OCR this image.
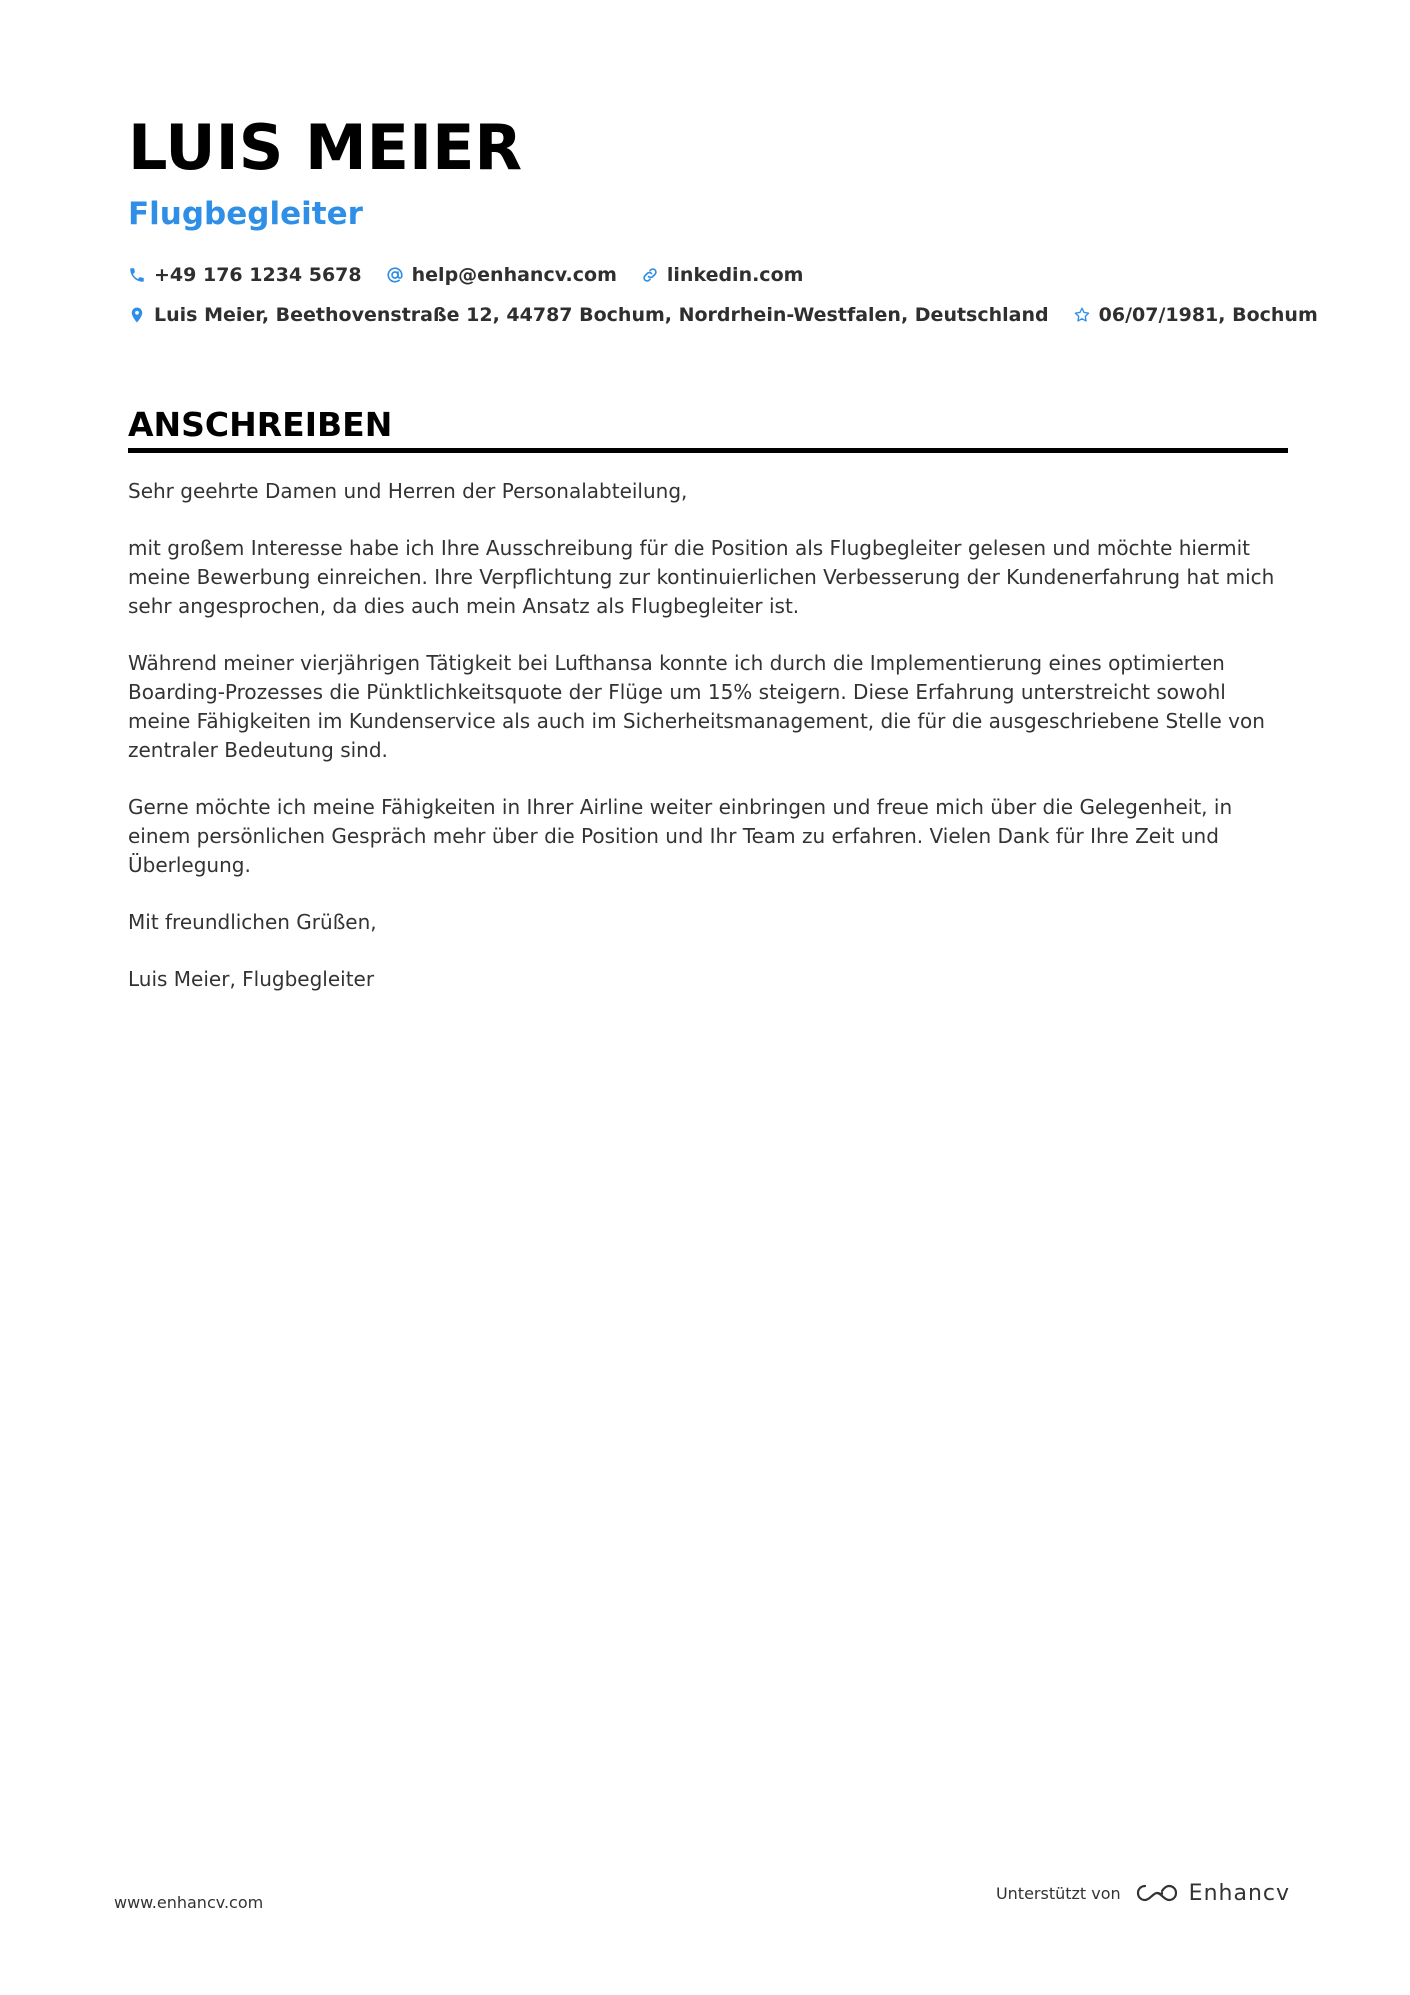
LUIS MEIER
Flugbegleiter
+49 176 1234 5678	help@enhancv.com	linkedin.com
Luis Meier, Beethovenstraße 12, 44787 Bochum, Nordrhein-Westfalen, Deutschland	06/07/1981, Bochum
ANSCHREIBEN

Sehr geehrte Damen und Herren der Personalabteilung,

mit großem Interesse habe ich Ihre Ausschreibung für die Position als Flugbegleiter gelesen und möchte hiermit meine Bewerbung einreichen. Ihre Verpflichtung zur kontinuierlichen Verbesserung der Kundenerfahrung hat mich sehr angesprochen, da dies auch mein Ansatz als Flugbegleiter ist.

Während meiner vierjährigen Tätigkeit bei Lufthansa konnte ich durch die Implementierung eines optimierten Boarding-Prozesses die Pünktlichkeitsquote der Flüge um 15% steigern. Diese Erfahrung unterstreicht sowohl meine Fähigkeiten im Kundenservice als auch im Sicherheitsmanagement, die für die ausgeschriebene Stelle von zentraler Bedeutung sind.

Gerne möchte ich meine Fähigkeiten in Ihrer Airline weiter einbringen und freue mich über die Gelegenheit, in einem persönlichen Gespräch mehr über die Position und Ihr Team zu erfahren. Vielen Dank für Ihre Zeit und Überlegung.

Mit freundlichen Grüßen,

Luis Meier, Flugbegleiter

www.enhancv.com	Unterstützt von	Enhancv
